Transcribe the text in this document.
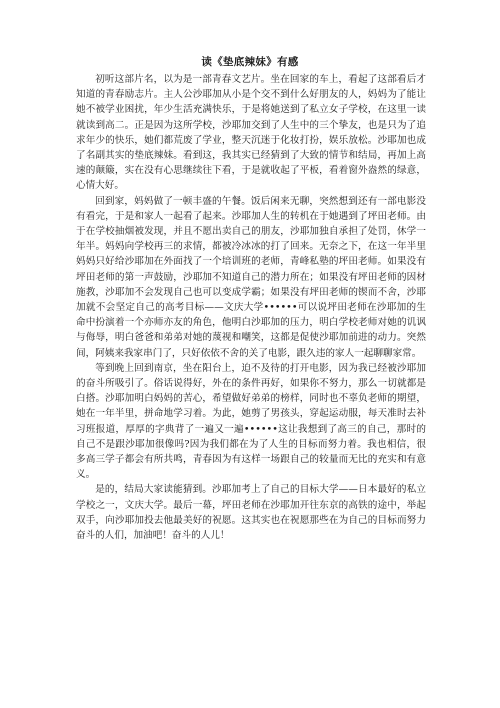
读《垫底辣妹》有感

初听这部片名，以为是一部青春文艺片。坐在回家的车上，看起了这部看后才知道的青春励志片。主人公沙耶加从小是个交不到什么好朋友的人，妈妈为了能让她不被学业困扰，年少生活充满快乐，于是将她送到了私立女子学校，在这里一读就读到高二。正是因为这所学校，沙耶加交到了人生中的三个挚友，也是只为了追求年少的快乐，她们都荒废了学业，整天沉迷于化妆打扮，娱乐放松。沙耶加也成了名副其实的垫底辣妹。看到这，我其实已经猜到了大致的情节和结局，再加上高速的颠簸，实在没有心思继续往下看，于是就收起了平板，看着窗外盎然的绿意，心情大好。

回到家，妈妈做了一顿丰盛的午餐。饭后闲来无聊，突然想到还有一部电影没有看完，于是和家人一起看了起来。沙耶加人生的转机在于她遇到了坪田老师。由于在学校抽烟被发现，并且不愿出卖自己的朋友，沙耶加独自承担了处罚，休学一年半。妈妈向学校再三的求情，都被冷冰冰的打了回来。无奈之下，在这一年半里妈妈只好给沙耶加在外面找了一个培训班的老师，青峰私塾的坪田老师。如果没有坪田老师的第一声鼓励，沙耶加不知道自己的潜力所在；如果没有坪田老师的因材施教，沙耶加不会发现自己也可以变成学霸；如果没有坪田老师的锲而不舍，沙耶加就不会坚定自己的高考目标——文庆大学••••••可以说坪田老师在沙耶加的生命中扮演着一个亦师亦友的角色，他明白沙耶加的压力，明白学校老师对她的讥讽与侮辱，明白爸爸和弟弟对她的蔑视和嘲笑，这都是促使沙耶加前进的动力。突然间，阿姨来我家串门了，只好依依不舍的关了电影，跟久违的家人一起聊聊家常。

等到晚上回到南京，坐在阳台上，迫不及待的打开电影，因为我已经被沙耶加的奋斗所吸引了。俗话说得好，外在的条件再好，如果你不努力，那么一切就都是白搭。沙耶加明白妈妈的苦心，希望做好弟弟的榜样，同时也不辜负老师的期望，她在一年半里，拼命地学习着。为此，她剪了男孩头，穿起运动服，每天准时去补习班报道，厚厚的字典背了一遍又一遍••••••这让我想到了高三的自己，那时的自己不是跟沙耶加很像吗?因为我们都在为了人生的目标而努力着。我也相信，很多高三学子都会有所共鸣，青春因为有这样一场跟自己的较量而无比的充实和有意义。

是的，结局大家读能猜到。沙耶加考上了自己的目标大学——日本最好的私立学校之一，文庆大学。最后一幕，坪田老师在沙耶加开往东京的高铁的途中，举起双手，向沙耶加投去他最美好的祝愿。这其实也在祝愿那些在为自己的目标而努力奋斗的人们，加油吧！奋斗的人儿！
